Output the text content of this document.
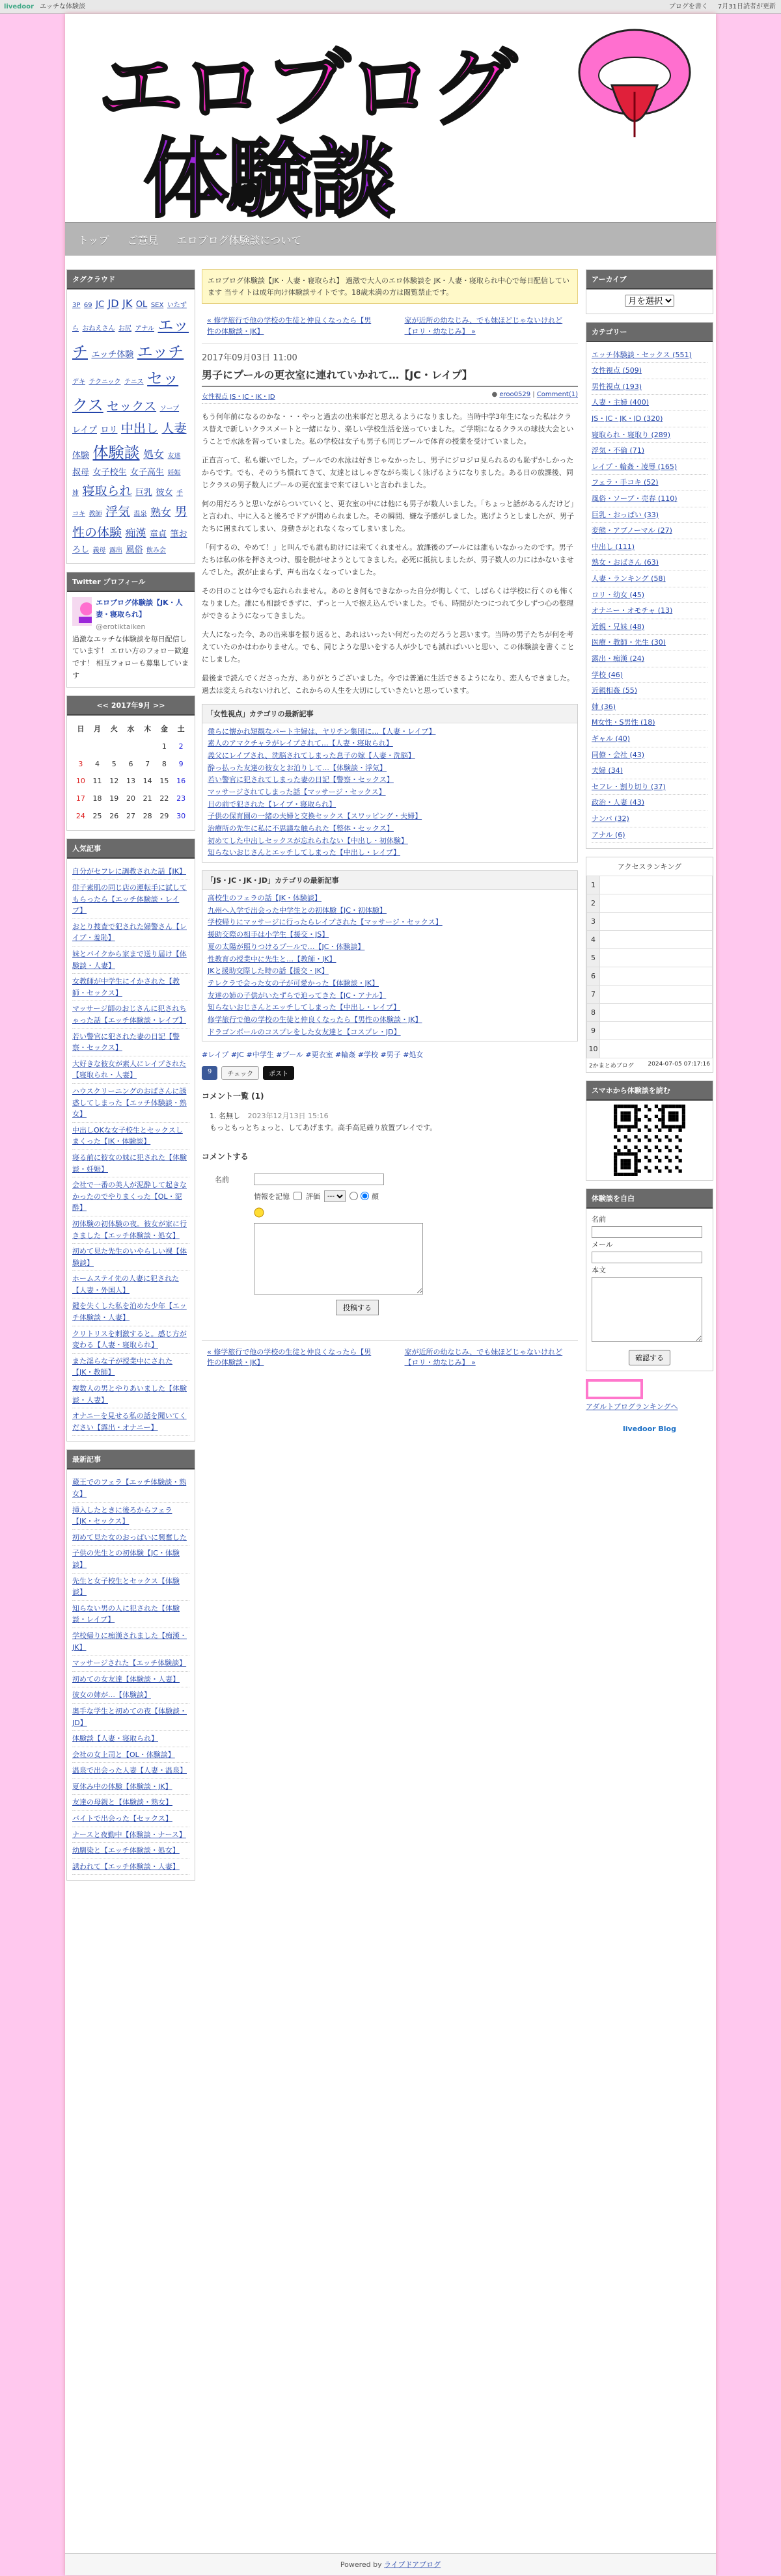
livedoor エッチな体験談	ブログを書く 7月31日読者が更新
エロブログ
体験談
トップ ご意見 エロブログ体験談について
タグクラウド
3P 69 JC JD JK OL SEX いたずら おねえさん お尻 アナル エッチ エッチ体験 エッチ デキ テクニック テニス セックス セックス ソープ レイプ ロリ 中出し 人妻 体験 体験談 処女 友達 叔母 女子校生 女子高生 妊娠 姉 寝取られ 巨乳 彼女 手コキ 教師 浮気 温泉 熟女 男性の体験 痴漢 童貞 筆おろし 義母 露出 風俗 飲み会
Twitter プロフィール
エロブログ体験談【JK・人妻・寝取られ】
@erotiktaiken
過激なエッチな体験談を毎日配信しています！ エロい方のフォロー歓迎です！ 相互フォローも募集しています
<< 2017年9月 >>
日	月	火	水	木	金	土
					1	2
3	4	5	6	7	8	9
10	11	12	13	14	15	16
17	18	19	20	21	22	23
24	25	26	27	28	29	30
人気記事
自分がセフレに調教された話【JK】
俳子素肌の同じ店の運転手に試してもらったら【エッチ体験談・レイプ】
おとり捜査で犯された婦警さん【レイプ・羞恥】
妹とバイクから家まで送り届け【体験談・人妻】
女教師が中学生にイかされた【教師・セックス】
マッサージ師のおじさんに犯されちゃった話【エッチ体験談・レイプ】
若い警官に犯された妻の日記【警察・セックス】
大好きな彼女が素人にレイプされた【寝取られ・人妻】
ハウスクリーニングのおばさんに誘惑してしまった【エッチ体験談・熟女】
中出しOKな女子校生とセックスしまくった【JK・体験談】
寝る前に彼女の妹に犯された【体験談・妊娠】
会社で一番の美人が泥酔して起きなかったのでやりまくった【OL・泥酔】
初体験の初体験の夜。彼女が家に行きました【エッチ体験談・処女】
初めて見た先生のいやらしい裸【体験談】
ホームステイ先の人妻に犯された【人妻・外国人】
鍵を失くした私を泊めた少年【エッチ体験談・人妻】
クリトリスを刺激すると。感じ方が変わる【人妻・寝取られ】
また淫らな子が授業中にされた【JK・教師】
複数人の男とやりあいました【体験談・人妻】
オナニーを見せる私の話を聞いてください【露出・オナニー】
最新記事
蔵王でのフェラ【エッチ体験談・熟女】
挿入したときに後ろからフェラ【JK・セックス】
初めて見た女のおっぱいに興奮した
子供の先生との初体験【JC・体験談】
先生と女子校生とセックス【体験談】
知らない男の人に犯された【体験談・レイプ】
学校帰りに痴漢されました【痴漢・JK】
マッサージされた【エッチ体験談】
初めての女友達【体験談・人妻】
彼女の姉が…【体験談】
奥手な学生と初めての夜【体験談・JD】
体験談【人妻・寝取られ】
会社の女上司と【OL・体験談】
温泉で出会った人妻【人妻・温泉】
夏休み中の体験【体験談・JK】
友達の母親と【体験談・熟女】
バイトで出会った【セックス】
ナースと夜勤中【体験談・ナース】
幼馴染と【エッチ体験談・処女】
誘われて【エッチ体験談・人妻】
エロブログ体験談【JK・人妻・寝取られ】 過激で大人のエロ体験談を JK・人妻・寝取られ中心で毎日配信しています 当サイトは成年向け体験談サイトです。18歳未満の方は閲覧禁止です。
« 修学旅行で他の学校の生徒と仲良くなったら【男性の体験談・JK】
家が近所の幼なじみ、でも妹ほどじゃないけれど【ロリ・幼なじみ】 »
2017年09月03日 11:00
男子にプールの更衣室に連れていかれて…【JC・レイプ】
女性視点 JS・JC・JK・JD	● eroo0529 | Comment(1)

もう何年前になるのかな・・・やっと過去の出来事だと思えるようになりました。当時中学3年生になった私はクラス替えで新しいクラスメートと一緒になり、楽しい学校生活を送っていました。ご学期になるクラスの球技大会ということで水泳を習っていました。私の学校は女子も男子も同じプールで体育の授業を受けていました。

正直言って、私も嫌いでした。プールでの水泳は好きじゃなかったし、男子にジロジロ見られるのも恥ずかしかったからです。でも、そのうち慣れてきて、友達とはしゃぎながら楽しく泳げるようになりました。ある日の放課後、同じクラスの男子数人にプールの更衣室まで来てほしいと言われました。

何の用だろうと思いながらついていくと、更衣室の中には他にも男子が数人いました。「ちょっと話があるんだけど」と言われ、中に入ると後ろでドアが閉められました。その瞬間、嫌な予感がしました。逃げようとしましたが、男子たちに囲まれてしまい、身動きがとれなくなってしまいました。

「何するの、やめて！」と叫んでも誰も助けには来てくれません。放課後のプールには誰もいなかったのです。男子たちは私の体を押さえつけ、服を脱がせようとしてきました。必死に抵抗しましたが、男子数人の力にはかないませんでした。涙が止まらず、声も出なくなっていました。

その日のことは今でも忘れられません。あのとき何もできなかった自分が悔しくて、しばらくは学校に行くのも怖くなりました。誰にも相談できずに、ずっと一人で抱え込んでいました。でも、時間がたつにつれて少しずつ心の整理ができるようになってきました。

大人になった今、あの出来事を振り返ると、あれはいったい何だったのだろうと思います。当時の男子たちが何を考えていたのかはわかりません。でも、同じような思いをする人が少しでも減ればいいと思い、この体験談を書くことにしました。

最後まで読んでくださった方、ありがとうございました。今では普通に生活できるようになり、恋人もできました。過去は変えられないけれど、これからの人生を大切にしていきたいと思っています。

「女性視点」カテゴリの最新記事
僕らに懐かれ短観なパート主婦は、ヤリチン集団に…【人妻・レイプ】
素人のアマクチャラがレイプされて…【人妻・寝取られ】
義父にレイプされ、洗脳されてしまった息子の嫁【人妻・洗脳】
酔っ払った友達の彼女とお泊りして…【体験談・浮気】
若い警官に犯されてしまった妻の日記【警察・セックス】
マッサージされてしまった話【マッサージ・セックス】
目の前で犯された【レイプ・寝取られ】
子供の保育園の一緒の夫婦と交換セックス【スワッピング・夫婦】
治療所の先生に私に不思議な触られた【整体・セックス】
初めてした中出しセックスが忘れられない【中出し・初体験】
知らないおじさんとエッチしてしまった【中出し・レイプ】
「JS・JC・JK・JD」カテゴリの最新記事
高校生のフェラの話【JK・体験談】
九州へ入学で出会った中学生との初体験【JC・初体験】
学校帰りにマッサージに行ったらレイプされた【マッサージ・セックス】
援助交際の相手は小学生【援交・JS】
夏の太陽が照りつけるプールで…【JC・体験談】
性教育の授業中に先生と…【教師・JK】
JKと援助交際した時の話【援交・JK】
テレクラで会った女の子が可愛かった【体験談・JK】
友達の姉の子供がいたずらで迫ってきた【JC・アナル】
知らないおじさんとエッチしてしまった【中出し・レイプ】
修学旅行で他の学校の生徒と仲良くなったら【男性の体験談・JK】
ドラゴンボールのコスプレをした女友達と【コスプレ・JD】
#レイプ #JC #中学生 #プール #更衣室 #輪姦 #学校 #男子 #処女
9	チェック	ポスト
コメント一覧 (1)
1. 名無し 2023年12月13日 15:16
もっともっとちょっと、してあげます。高手高足確り放置プレイです。
コメントする
名前
情報を記憶 評価
---	顔
投稿する
« 修学旅行で他の学校の生徒と仲良くなったら【男性の体験談・JK】
家が近所の幼なじみ、でも妹ほどじゃないけれど【ロリ・幼なじみ】 »
アーカイブ
月を選択
カテゴリー
エッチ体験談・セックス (551)
女性視点 (509)
男性視点 (193)
人妻・主婦 (400)
JS・JC・JK・JD (320)
寝取られ・寝取り (289)
浮気・不倫 (71)
レイプ・輪姦・凌辱 (165)
フェラ・手コキ (52)
風俗・ソープ・売春 (110)
巨乳・おっぱい (33)
変態・アブノーマル (27)
中出し (111)
熟女・おばさん (63)
人妻・ランキング (58)
ロリ・幼女 (45)
オナニー・オモチャ (13)
近親・兄妹 (48)
医療・教師・先生 (30)
露出・痴漢 (24)
学校 (46)
近親相姦 (55)
姉 (36)
M女性・S男性 (18)
ギャル (40)
同僚・会社 (43)
夫婦 (34)
セフレ・割り切り (37)
政治・人妻 (43)
ナンパ (32)
アナル (6)
アクセスランキング
1	
2	
3	
4	
5	
6	
7	
8	
9	
10	
2かまとめブログ 2024-07-05 07:17:16
スマホから体験談を読む
体験談を自白
名前
メール
本文
確認する
アダルトブログランキングへ
livedoor Blog
Powered by ライブドアブログ
